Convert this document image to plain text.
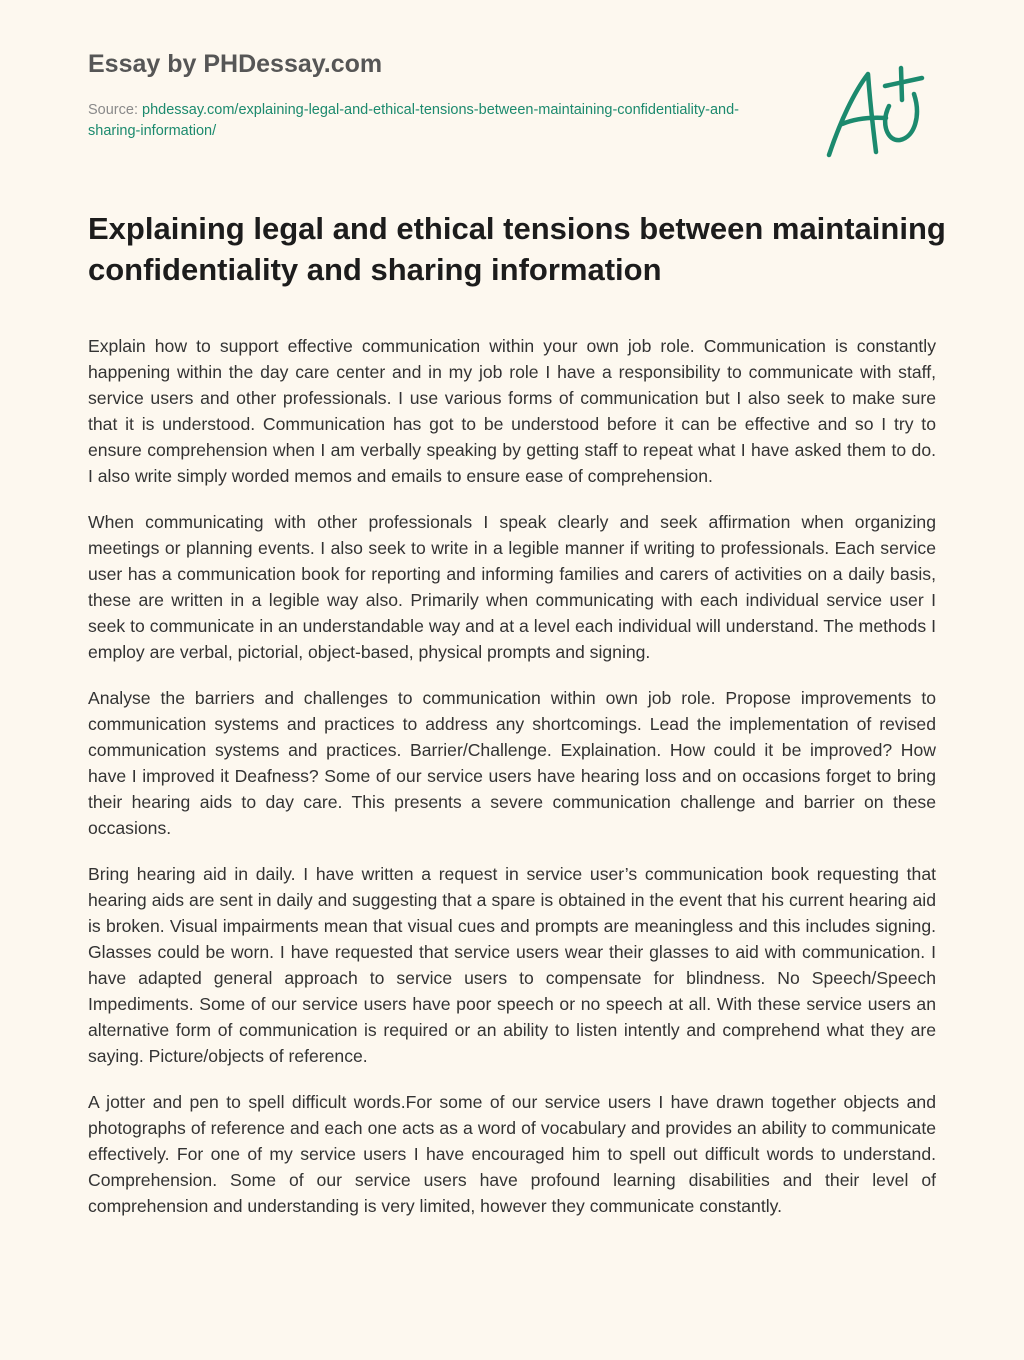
Essay by PHDessay.com
Source: phdessay.com/explaining-legal-and-ethical-tensions-between-maintaining-confidentiality-and-sharing-information/
Explaining legal and ethical tensions between maintaining confidentiality and sharing information

Explain how to support effective communication within your own job role. Communication is constantly happening within the day care center and in my job role I have a responsibility to communicate with staff, service users and other professionals. I use various forms of communication but I also seek to make sure that it is understood. Communication has got to be understood before it can be effective and so I try to ensure comprehension when I am verbally speaking by getting staff to repeat what I have asked them to do. I also write simply worded memos and emails to ensure ease of comprehension.

When communicating with other professionals I speak clearly and seek affirmation when organizing meetings or planning events. I also seek to write in a legible manner if writing to professionals. Each service user has a communication book for reporting and informing families and carers of activities on a daily basis, these are written in a legible way also. Primarily when communicating with each individual service user I seek to communicate in an understandable way and at a level each individual will understand. The methods I employ are verbal, pictorial, object-based, physical prompts and signing.

Analyse the barriers and challenges to communication within own job role. Propose improvements to communication systems and practices to address any shortcomings. Lead the implementation of revised communication systems and practices. Barrier/Challenge. Explaination. How could it be improved? How have I improved it Deafness? Some of our service users have hearing loss and on occasions forget to bring their hearing aids to day care. This presents a severe communication challenge and barrier on these occasions.

Bring hearing aid in daily. I have written a request in service user’s communication book requesting that hearing aids are sent in daily and suggesting that a spare is obtained in the event that his current hearing aid is broken. Visual impairments mean that visual cues and prompts are meaningless and this includes signing. Glasses could be worn. I have requested that service users wear their glasses to aid with communication. I have adapted general approach to service users to compensate for blindness. No Speech/Speech Impediments. Some of our service users have poor speech or no speech at all. With these service users an alternative form of communication is required or an ability to listen intently and comprehend what they are saying. Picture/objects of reference.

A jotter and pen to spell difficult words.For some of our service users I have drawn together objects and photographs of reference and each one acts as a word of vocabulary and provides an ability to communicate effectively. For one of my service users I have encouraged him to spell out difficult words to understand. Comprehension. Some of our service users have profound learning disabilities and their level of comprehension and understanding is very limited, however they communicate constantly.
